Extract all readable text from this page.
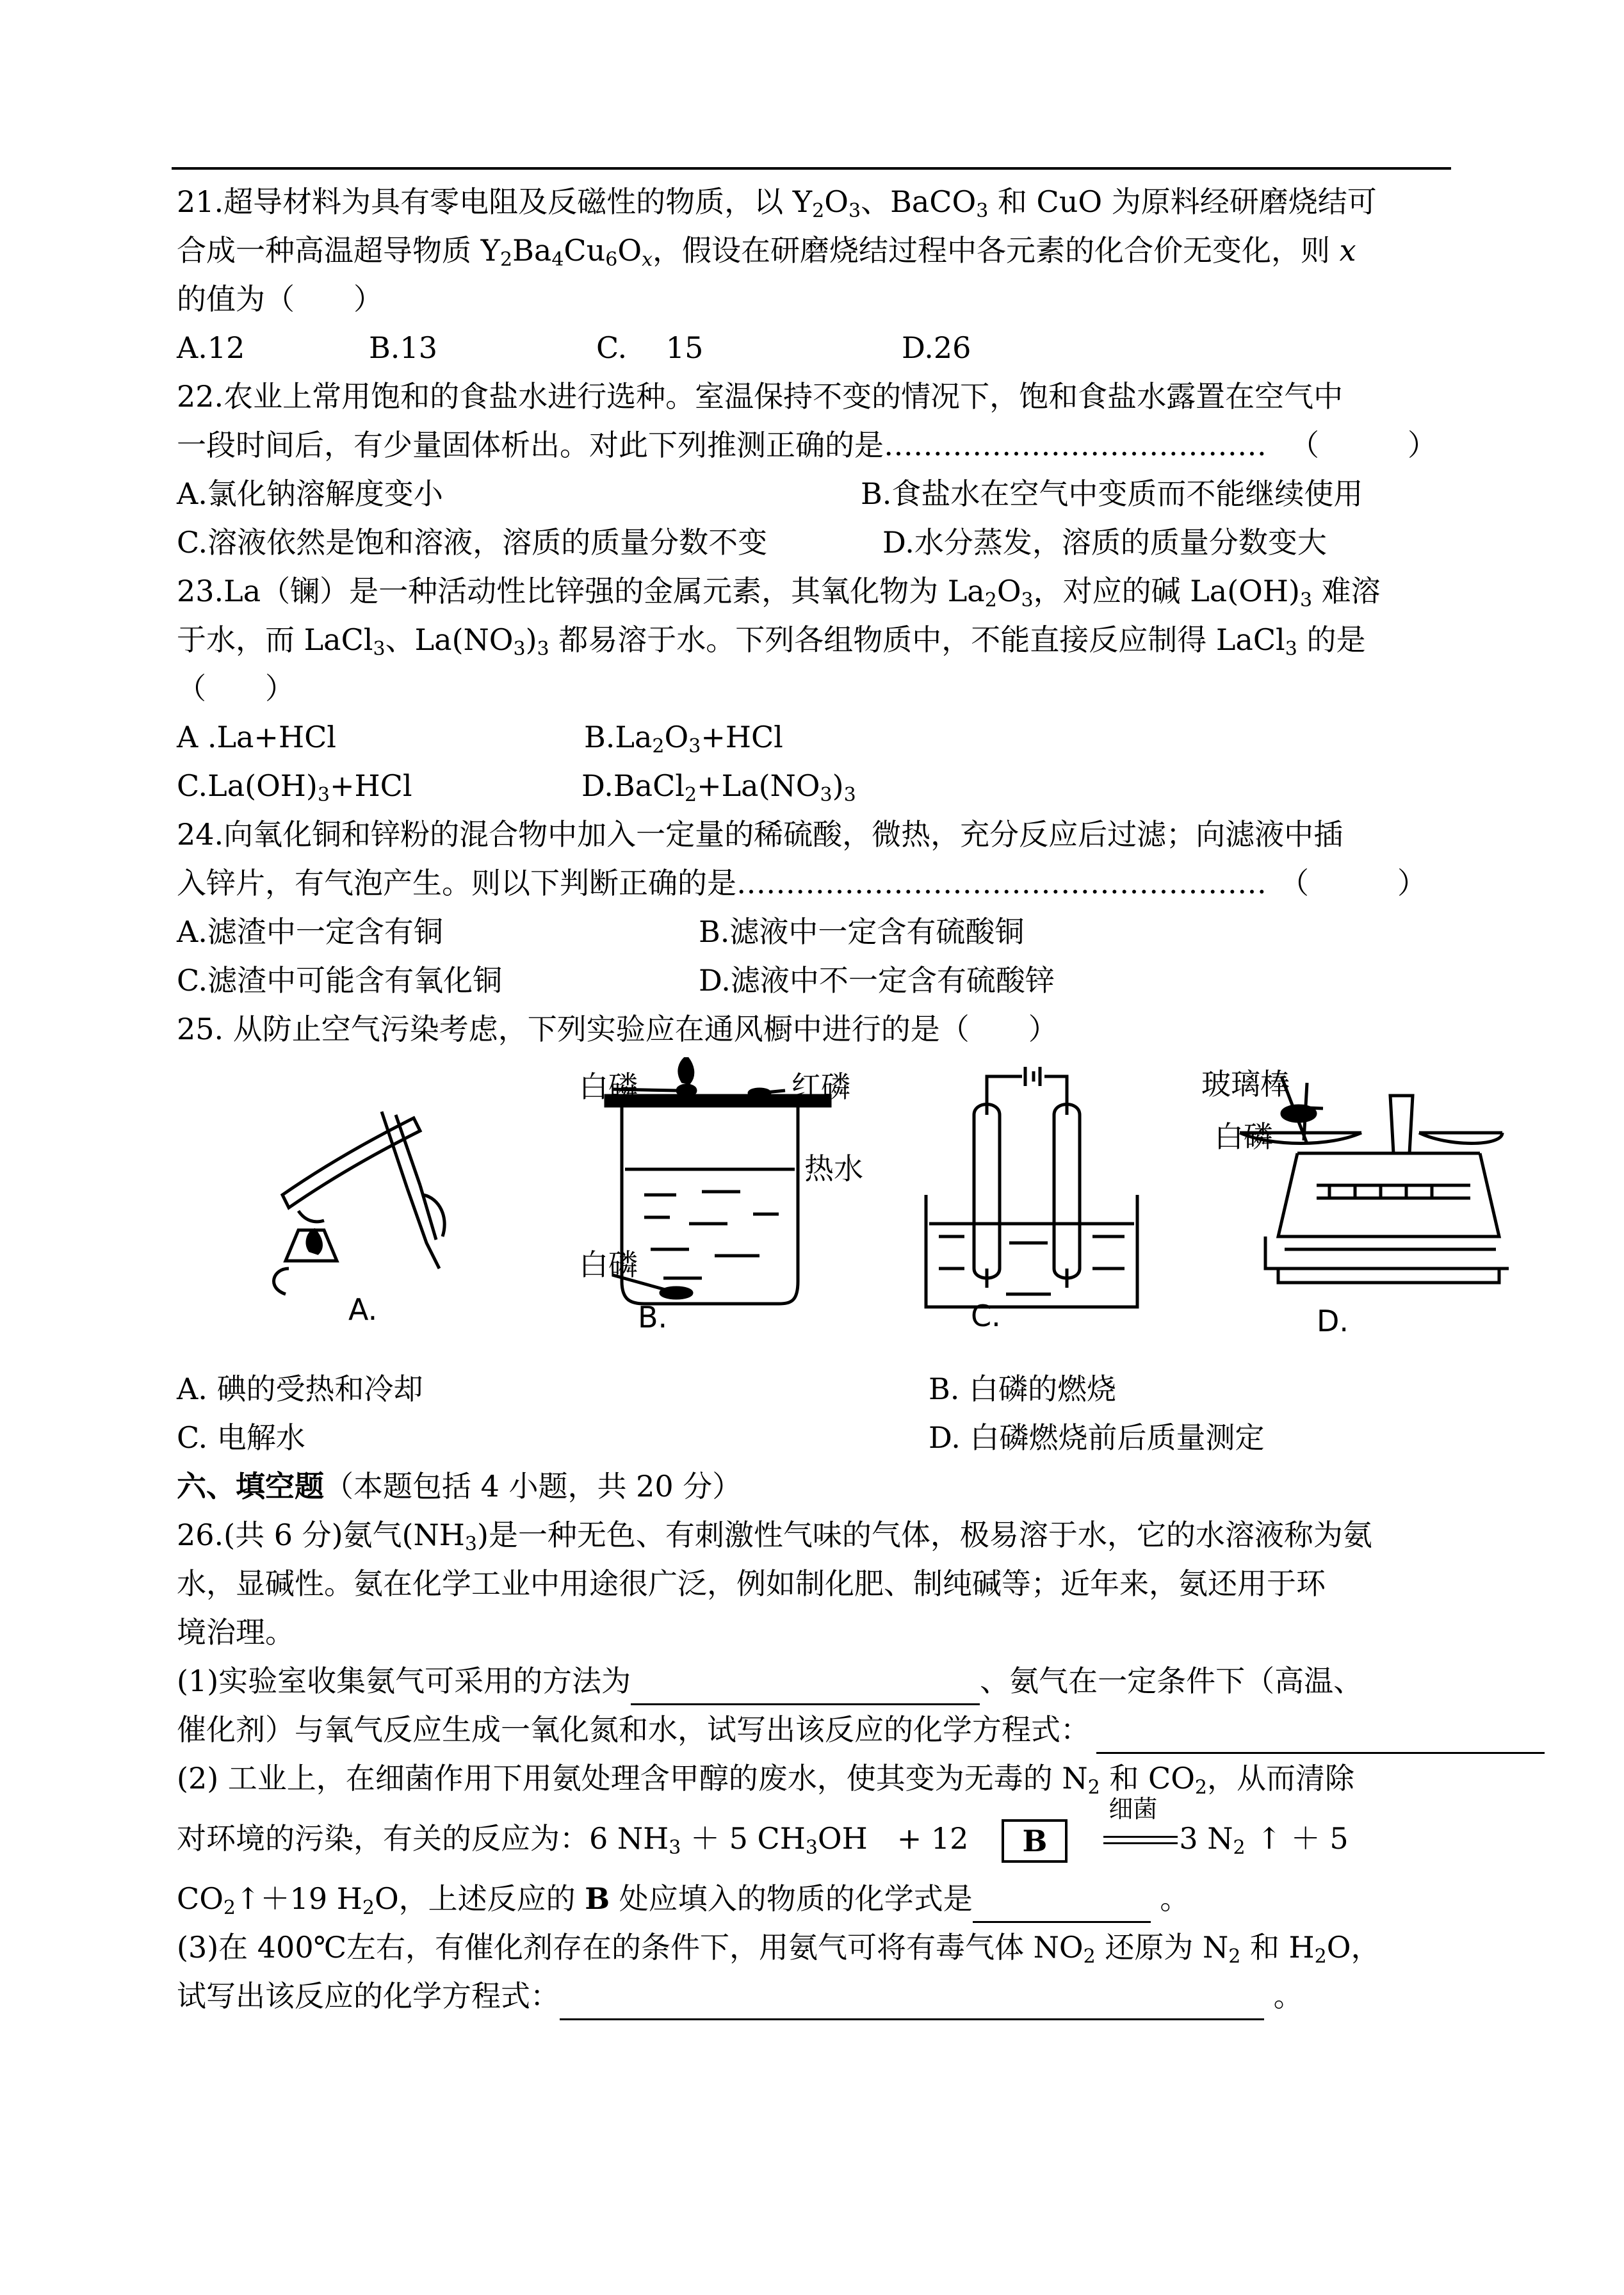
21.超导材料为具有零电阻及反磁性的物质，以 $Y_2O_3$、BaCO$_3$ 和 CuO 为原料经研磨烧结可
合成一种高温超导物质 $Y_2Ba_4Cu_6O_x$，假设在研磨烧结过程中各元素的化合价无变化，则 x
的值为（　　）
A.12	B.13	C.　 15	D.26
22.农业上常用饱和的食盐水进行选种。室温保持不变的情况下，饱和食盐水露置在空气中
一段时间后，有少量固体析出。对此下列推测正确的是………………………………… （　　　）
A.氯化钠溶解度变小	B.食盐水在空气中变质而不能继续使用
C.溶液依然是饱和溶液，溶质的质量分数不变	D.水分蒸发，溶质的质量分数变大
23.La（镧）是一种活动性比锌强的金属元素，其氧化物为 $La_2O_3$，对应的碱 $La(OH)_3$ 难溶
于水，而 LaCl$_3$、$La(NO_3)_3$ 都易溶于水。下列各组物质中，不能直接反应制得 LaCl$_3$ 的是
（　　）
A .La+HCl	$B.La_2O_3+HCl$
$C.La(OH)_3+HCl$	$D.BaCl_2+La(NO_3)_3$
24.向氧化铜和锌粉的混合物中加入一定量的稀硫酸，微热，充分反应后过滤；向滤液中插
入锌片，有气泡产生。则以下判断正确的是……………………………………………… （　　　）
A.滤渣中一定含有铜	B.滤液中一定含有硫酸铜
C.滤渣中可能含有氧化铜	D.滤液中不一定含有硫酸锌
25. 从防止空气污染考虑，下列实验应在通风橱中进行的是（　　）
白磷	红磷
热水
白磷
玻璃棒
白磷
A.	B.	C.	D.
A. 碘的受热和冷却	B. 白磷的燃烧
C. 电解水	D. 白磷燃烧前后质量测定
六、填空题（本题包括 4 小题，共 20 分）
26.(共 6 分)氨气$(NH_3)$是一种无色、有刺激性气味的气体，极易溶于水，它的水溶液称为氨
水，显碱性。氨在化学工业中用途很广泛，例如制化肥、制纯碱等；近年来，氨还用于环
境治理。
(1)实验室收集氨气可采用的方法为	、氨气在一定条件下（高温、
催化剂）与氧气反应生成一氧化氮和水，试写出该反应的化学方程式：
(2) 工业上，在细菌作用下用氨处理含甲醇的废水，使其变为无毒的 $N_2$ 和 $CO_2$，从而清除
对环境的污染，有关的反应为：6 $NH_3 + 5$ $CH_3OH$　+ 12 B
细菌
3 $N_2$ ↑ ＋ 5
$CO_2↑+19$ $H_2O$，上述反应的 B 处应填入的物质的化学式是	。
(3)在 400℃左右，有催化剂存在的条件下，用氨气可将有毒气体 $NO_2$ 还原为 $N_2$ 和 $H_2O$，
试写出该反应的化学方程式：	。
